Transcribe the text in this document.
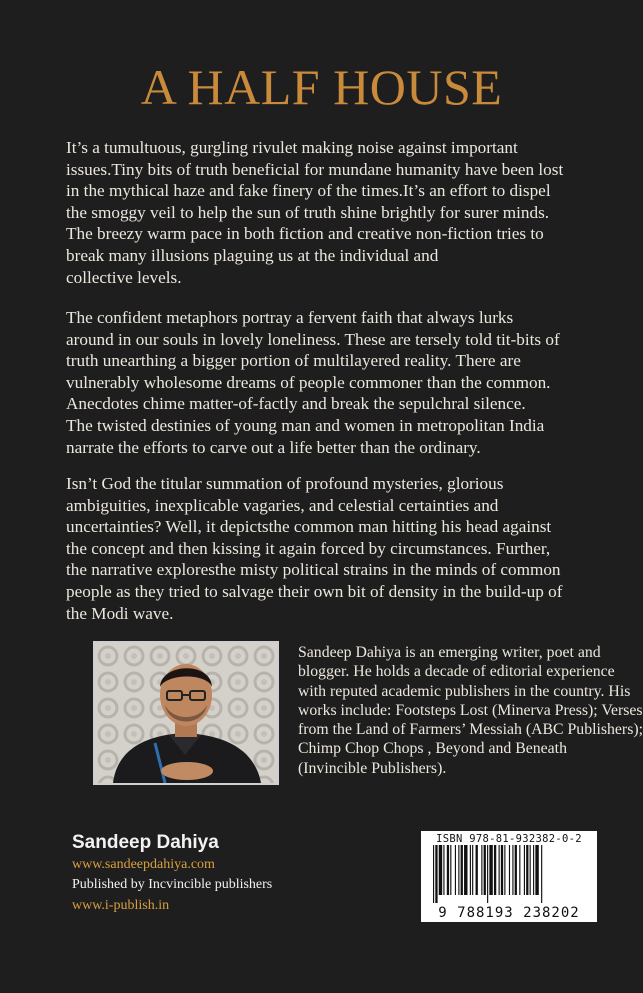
A HALF HOUSE

It’s a tumultuous, gurgling rivulet making noise against important
issues.Tiny bits of truth beneficial for mundane humanity have been lost
in the mythical haze and fake finery of the times.It’s an effort to dispel
the smoggy veil to help the sun of truth shine brightly for surer minds.
The breezy warm pace in both fiction and creative non-fiction tries to
break many illusions plaguing us at the individual and
collective levels.

The confident metaphors portray a fervent faith that always lurks
around in our souls in lovely loneliness. These are tersely told tit-bits of
truth unearthing a bigger portion of multilayered reality. There are
vulnerably wholesome dreams of people commoner than the common.
Anecdotes chime matter-of-factly and break the sepulchral silence.
The twisted destinies of young man and women in metropolitan India
narrate the efforts to carve out a life better than the ordinary.

Isn’t God the titular summation of profound mysteries, glorious
ambiguities, inexplicable vagaries, and celestial certainties and
uncertainties? Well, it depictsthe common man hitting his head against
the concept and then kissing it again forced by circumstances. Further,
the narrative exploresthe misty political strains in the minds of common
people as they tried to salvage their own bit of density in the build-up of
the Modi wave.

Sandeep Dahiya is an emerging writer, poet and
blogger. He holds a decade of editorial experience
with reputed academic publishers in the country. His
works include: Footsteps Lost (Minerva Press); Verses
from the Land of Farmers’ Messiah (ABC Publishers);
Chimp Chop Chops , Beyond and Beneath
(Invincible Publishers).

Sandeep Dahiya
www.sandeepdahiya.com
Published by Incvincible publishers
www.i-publish.in
ISBN 978-81-932382-0-2
9 788193 238202
